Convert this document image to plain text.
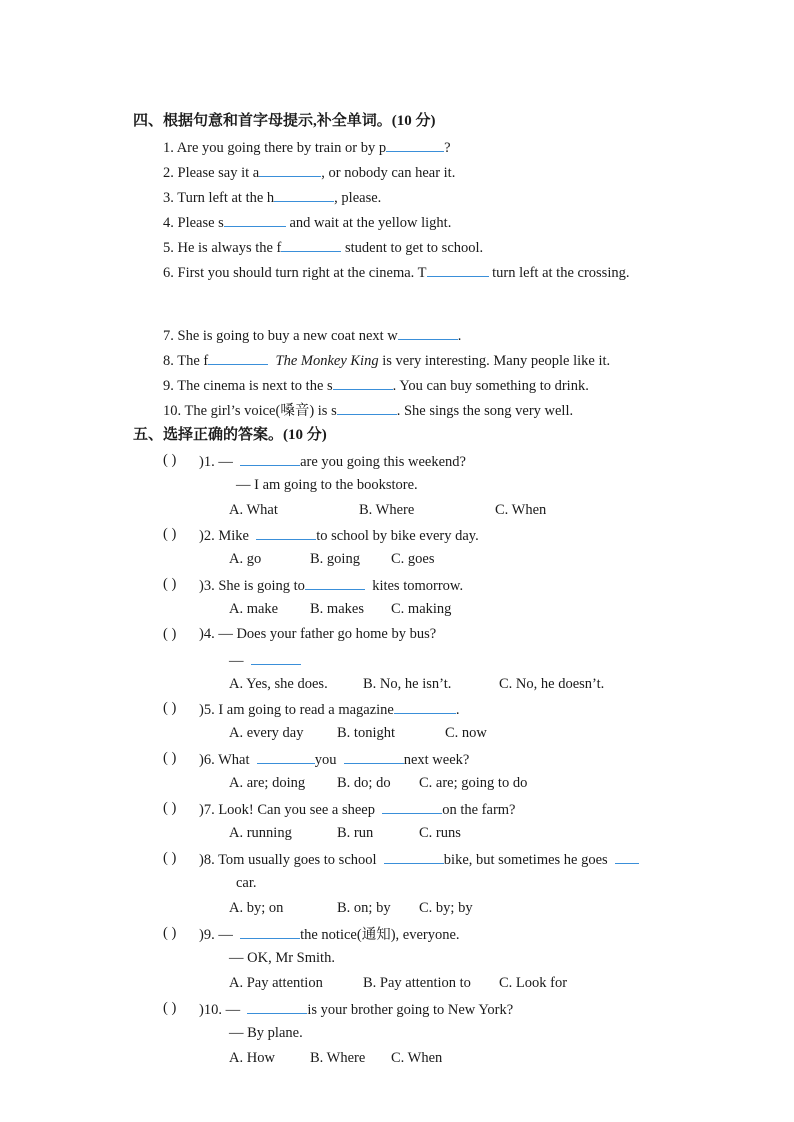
四、根据句意和首字母提示,补全单词。(10 分)
1. Are you going there by train or by p	?
2. Please say it a	, or nobody can hear it.
3. Turn left at the h	, please.
4. Please s	and wait at the yellow light.
5. He is always the f	student to get to school.
6. First you should turn right at the cinema. T	turn left at the crossing.
7. She is going to buy a new coat next w	.
8. The f	The Monkey King is very interesting. Many people like it.
9. The cinema is next to the s	. You can buy something to drink.
10. The girl’s voice(嗓音) is s	. She sings the song very well.
五、选择正确的答案。(10 分)
( ) )1. —	are you going this weekend?
— I am going to the bookstore.
A. What	B. Where	C. When
( ) )2. Mike	to school by bike every day.
A. go	B. going C. goes
( ) )3. She is going to	kites tomorrow.
A. make B. makes C. making
( ) )4. — Does your father go home by bus?
—
A. Yes, she does. B. No, he isn’t.	C. No, he doesn’t.
( ) )5. I am going to read a magazine	.
A. every day B. tonight	C. now
( ) )6. What	you	next week?
A. are; doing B. do; do C. are; going to do
( ) )7. Look! Can you see a sheep	on the farm?
A. running	B. run	C. runs
( ) )8. Tom usually goes to school	bike, but sometimes he goes
car.
A. by; on	B. on; by C. by; by
( ) )9. —	the notice(通知), everyone.
— OK, Mr Smith.
A. Pay attention	B. Pay attention to C. Look for
( ) )10. —	is your brother going to New York?
— By plane.
A. How B. Where C. When
